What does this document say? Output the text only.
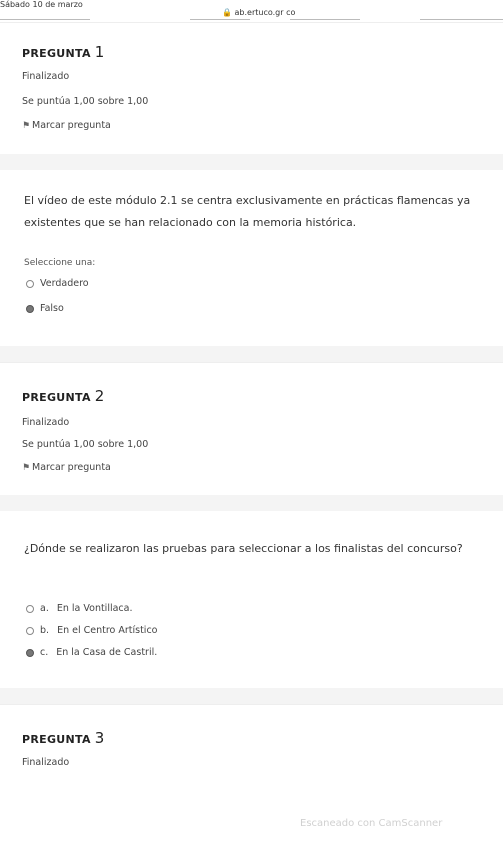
Sábado 10 de marzo
🔒 ab.ertuco.gr co
PREGUNTA 1
Finalizado
Se puntúa 1,00 sobre 1,00
⚑ Marcar pregunta
El vídeo de este módulo 2.1 se centra exclusivamente en prácticas flamencas ya existentes que se han relacionado con la memoria histórica.
Seleccione una:
Verdadero
Falso
PREGUNTA 2
Finalizado
Se puntúa 1,00 sobre 1,00
⚑ Marcar pregunta
¿Dónde se realizaron las pruebas para seleccionar a los finalistas del concurso?
a. En la Vontillaca.
b. En el Centro Artístico
c. En la Casa de Castril.
PREGUNTA 3
Finalizado
Escaneado con CamScanner
